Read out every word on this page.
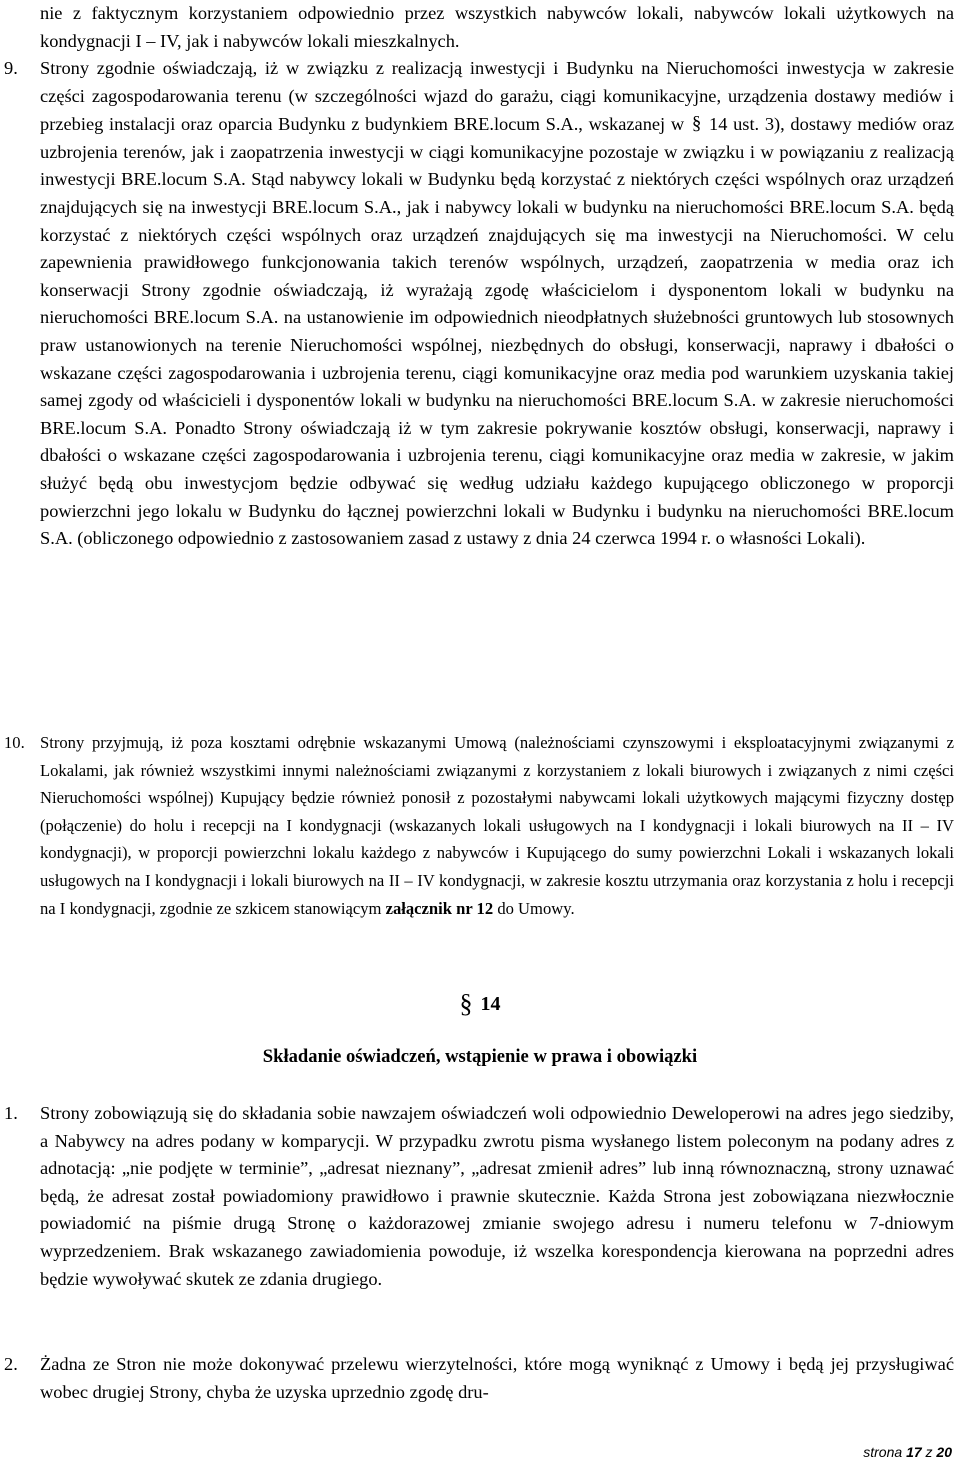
nie z faktycznym korzystaniem odpowiednio przez wszystkich nabywców lokali, nabywców lokali użytkowych na kondygnacji I – IV, jak i nabywców lokali mieszkalnych.

9. Strony zgodnie oświadczają, iż w związku z realizacją inwestycji i Budynku na Nieruchomości inwestycja w zakresie części zagospodarowania terenu (w szczególności wjazd do garażu, ciągi komunikacyjne, urządzenia dostawy mediów i przebieg instalacji oraz oparcia Budynku z budynkiem BRE.locum S.A., wskazanej w § 14 ust. 3), dostawy mediów oraz uzbrojenia terenów, jak i zaopatrzenia inwestycji w ciągi komunikacyjne pozostaje w związku i w powiązaniu z realizacją inwestycji BRE.locum S.A. Stąd nabywcy lokali w Budynku będą korzystać z niektórych części wspólnych oraz urządzeń znajdujących się na inwestycji BRE.locum S.A., jak i nabywcy lokali w budynku na nieruchomości BRE.locum S.A. będą korzystać z niektórych części wspólnych oraz urządzeń znajdujących się ma inwestycji na Nieruchomości. W celu zapewnienia prawidłowego funkcjonowania takich terenów wspólnych, urządzeń, zaopatrzenia w media oraz ich konserwacji Strony zgodnie oświadczają, iż wyrażają zgodę właścicielom i dysponentom lokali w budynku na nieruchomości BRE.locum S.A. na ustanowienie im odpowiednich nieodpłatnych służebności gruntowych lub stosownych praw ustanowionych na terenie Nieruchomości wspólnej, niezbędnych do obsługi, konserwacji, naprawy i dbałości o wskazane części zagospodarowania i uzbrojenia terenu, ciągi komunikacyjne oraz media pod warunkiem uzyskania takiej samej zgody od właścicieli i dysponentów lokali w budynku na nieruchomości BRE.locum S.A. w zakresie nieruchomości BRE.locum S.A. Ponadto Strony oświadczają iż w tym zakresie pokrywanie kosztów obsługi, konserwacji, naprawy i dbałości o wskazane części zagospodarowania i uzbrojenia terenu, ciągi komunikacyjne oraz media w zakresie, w jakim służyć będą obu inwestycjom będzie odbywać się według udziału każdego kupującego obliczonego w proporcji powierzchni jego lokalu w Budynku do łącznej powierzchni lokali w Budynku i budynku na nieruchomości BRE.locum S.A. (obliczonego odpowiednio z zastosowaniem zasad z ustawy z dnia 24 czerwca 1994 r. o własności Lokali).

10. Strony przyjmują, iż poza kosztami odrębnie wskazanymi Umową (należnościami czynszowymi i eksploatacyjnymi związanymi z Lokalami, jak również wszystkimi innymi należnościami związanymi z korzystaniem z lokali biurowych i związanych z nimi części Nieruchomości wspólnej) Kupujący będzie również ponosił z pozostałymi nabywcami lokali użytkowych mającymi fizyczny dostęp (połączenie) do holu i recepcji na I kondygnacji (wskazanych lokali usługowych na I kondygnacji i lokali biurowych na II – IV kondygnacji), w proporcji powierzchni lokalu każdego z nabywców i Kupującego do sumy powierzchni Lokali i wskazanych lokali usługowych na I kondygnacji i lokali biurowych na II – IV kondygnacji, w zakresie kosztu utrzymania oraz korzystania z holu i recepcji na I kondygnacji, zgodnie ze szkicem stanowiącym załącznik nr 12 do Umowy.

§ 14
Składanie oświadczeń, wstąpienie w prawa i obowiązki

1. Strony zobowiązują się do składania sobie nawzajem oświadczeń woli odpowiednio Deweloperowi na adres jego siedziby, a Nabywcy na adres podany w komparycji. W przypadku zwrotu pisma wysłanego listem poleconym na podany adres z adnotacją: „nie podjęte w terminie”, „adresat nieznany”, „adresat zmienił adres” lub inną równoznaczną, strony uznawać będą, że adresat został powiadomiony prawidłowo i prawnie skutecznie. Każda Strona jest zobowiązana niezwłocznie powiadomić na piśmie drugą Stronę o każdorazowej zmianie swojego adresu i numeru telefonu w 7-dniowym wyprzedzeniem. Brak wskazanego zawiadomienia powoduje, iż wszelka korespondencja kierowana na poprzedni adres będzie wywoływać skutek ze zdania drugiego.

2. Żadna ze Stron nie może dokonywać przelewu wierzytelności, które mogą wyniknąć z Umowy i będą jej przysługiwać wobec drugiej Strony, chyba że uzyska uprzednio zgodę dru-

strona 17 z 20
